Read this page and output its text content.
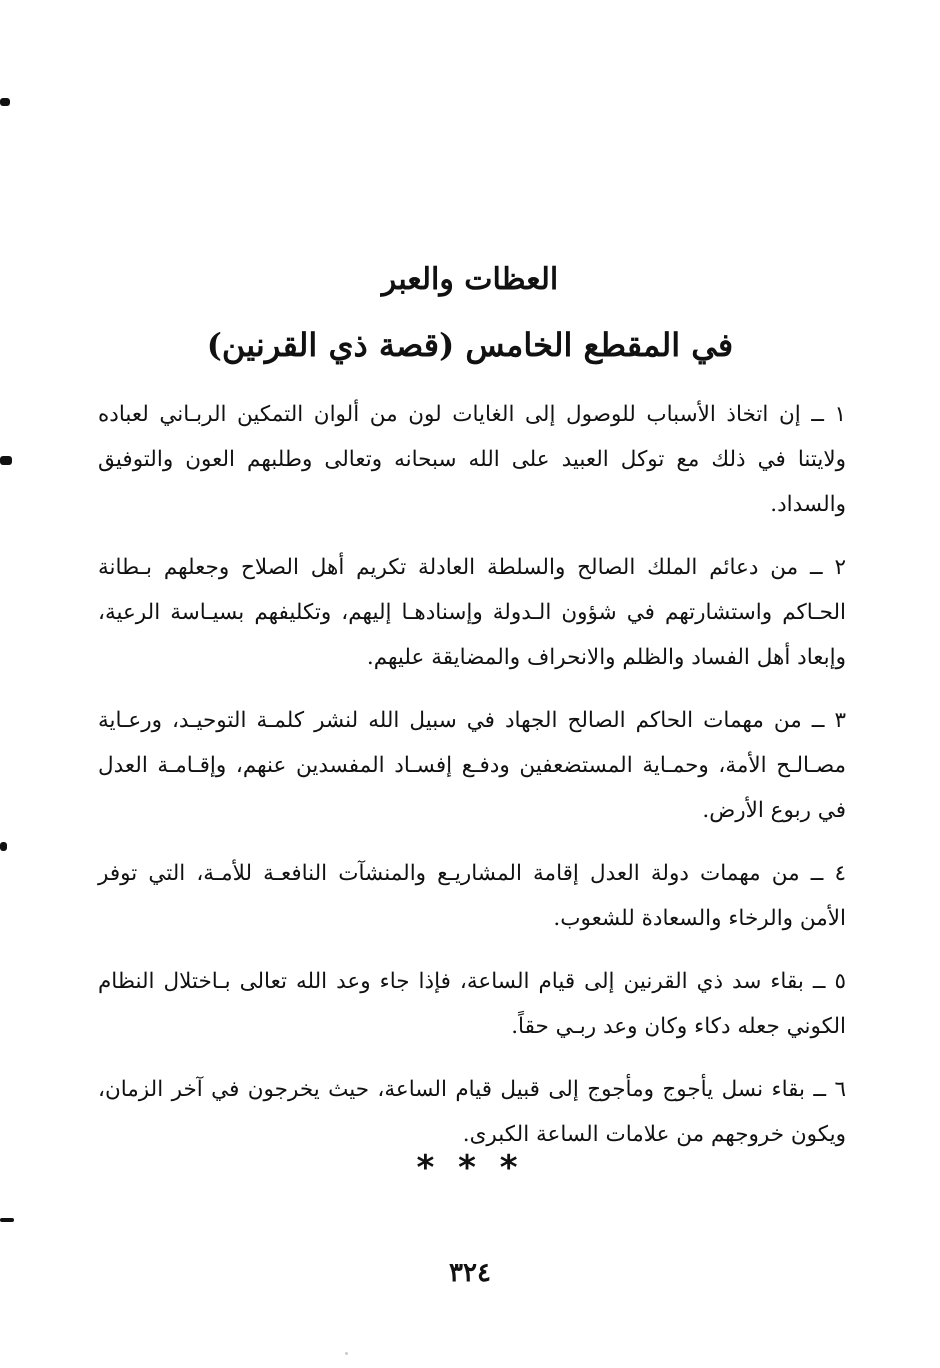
العظات والعبر
في المقطع الخامس (قصة ذي القرنين)

١ ــ إن اتخاذ الأسباب للوصول إلى الغايات لون من ألوان التمكين الربـاني لعباده ولايتنا في ذلك مع توكل العبيد على الله سبحانه وتعالى وطلبهم العون والتوفيق والسداد.

٢ ــ من دعائم الملك الصالح والسلطة العادلة تكريم أهل الصلاح وجعلهم بـطانة الحـاكم واستشارتهم في شؤون الـدولة وإسنادهـا إليهم، وتكليفهم بسيـاسة الرعية، وإبعاد أهل الفساد والظلم والانحراف والمضايقة عليهم.

٣ ــ من مهمات الحاكم الصالح الجهاد في سبيل الله لنشر كلمـة التوحيـد، ورعـاية مصـالـح الأمة، وحمـاية المستضعفين ودفـع إفسـاد المفسدين عنهم، وإقـامـة العدل في ربوع الأرض.

٤ ــ من مهمات دولة العدل إقامة المشاريـع والمنشآت النافعـة للأمـة، التي توفر الأمن والرخاء والسعادة للشعوب.

٥ ــ بقاء سد ذي القرنين إلى قيام الساعة، فإذا جاء وعد الله تعالى بـاختلال النظام الكوني جعله دكاء وكان وعد ربـي حقاً.

٦ ــ بقاء نسل يأجوج ومأجوج إلى قبيل قيام الساعة، حيث يخرجون في آخر الزمان، ويكون خروجهم من علامات الساعة الكبرى.

* * *
٣٢٤
